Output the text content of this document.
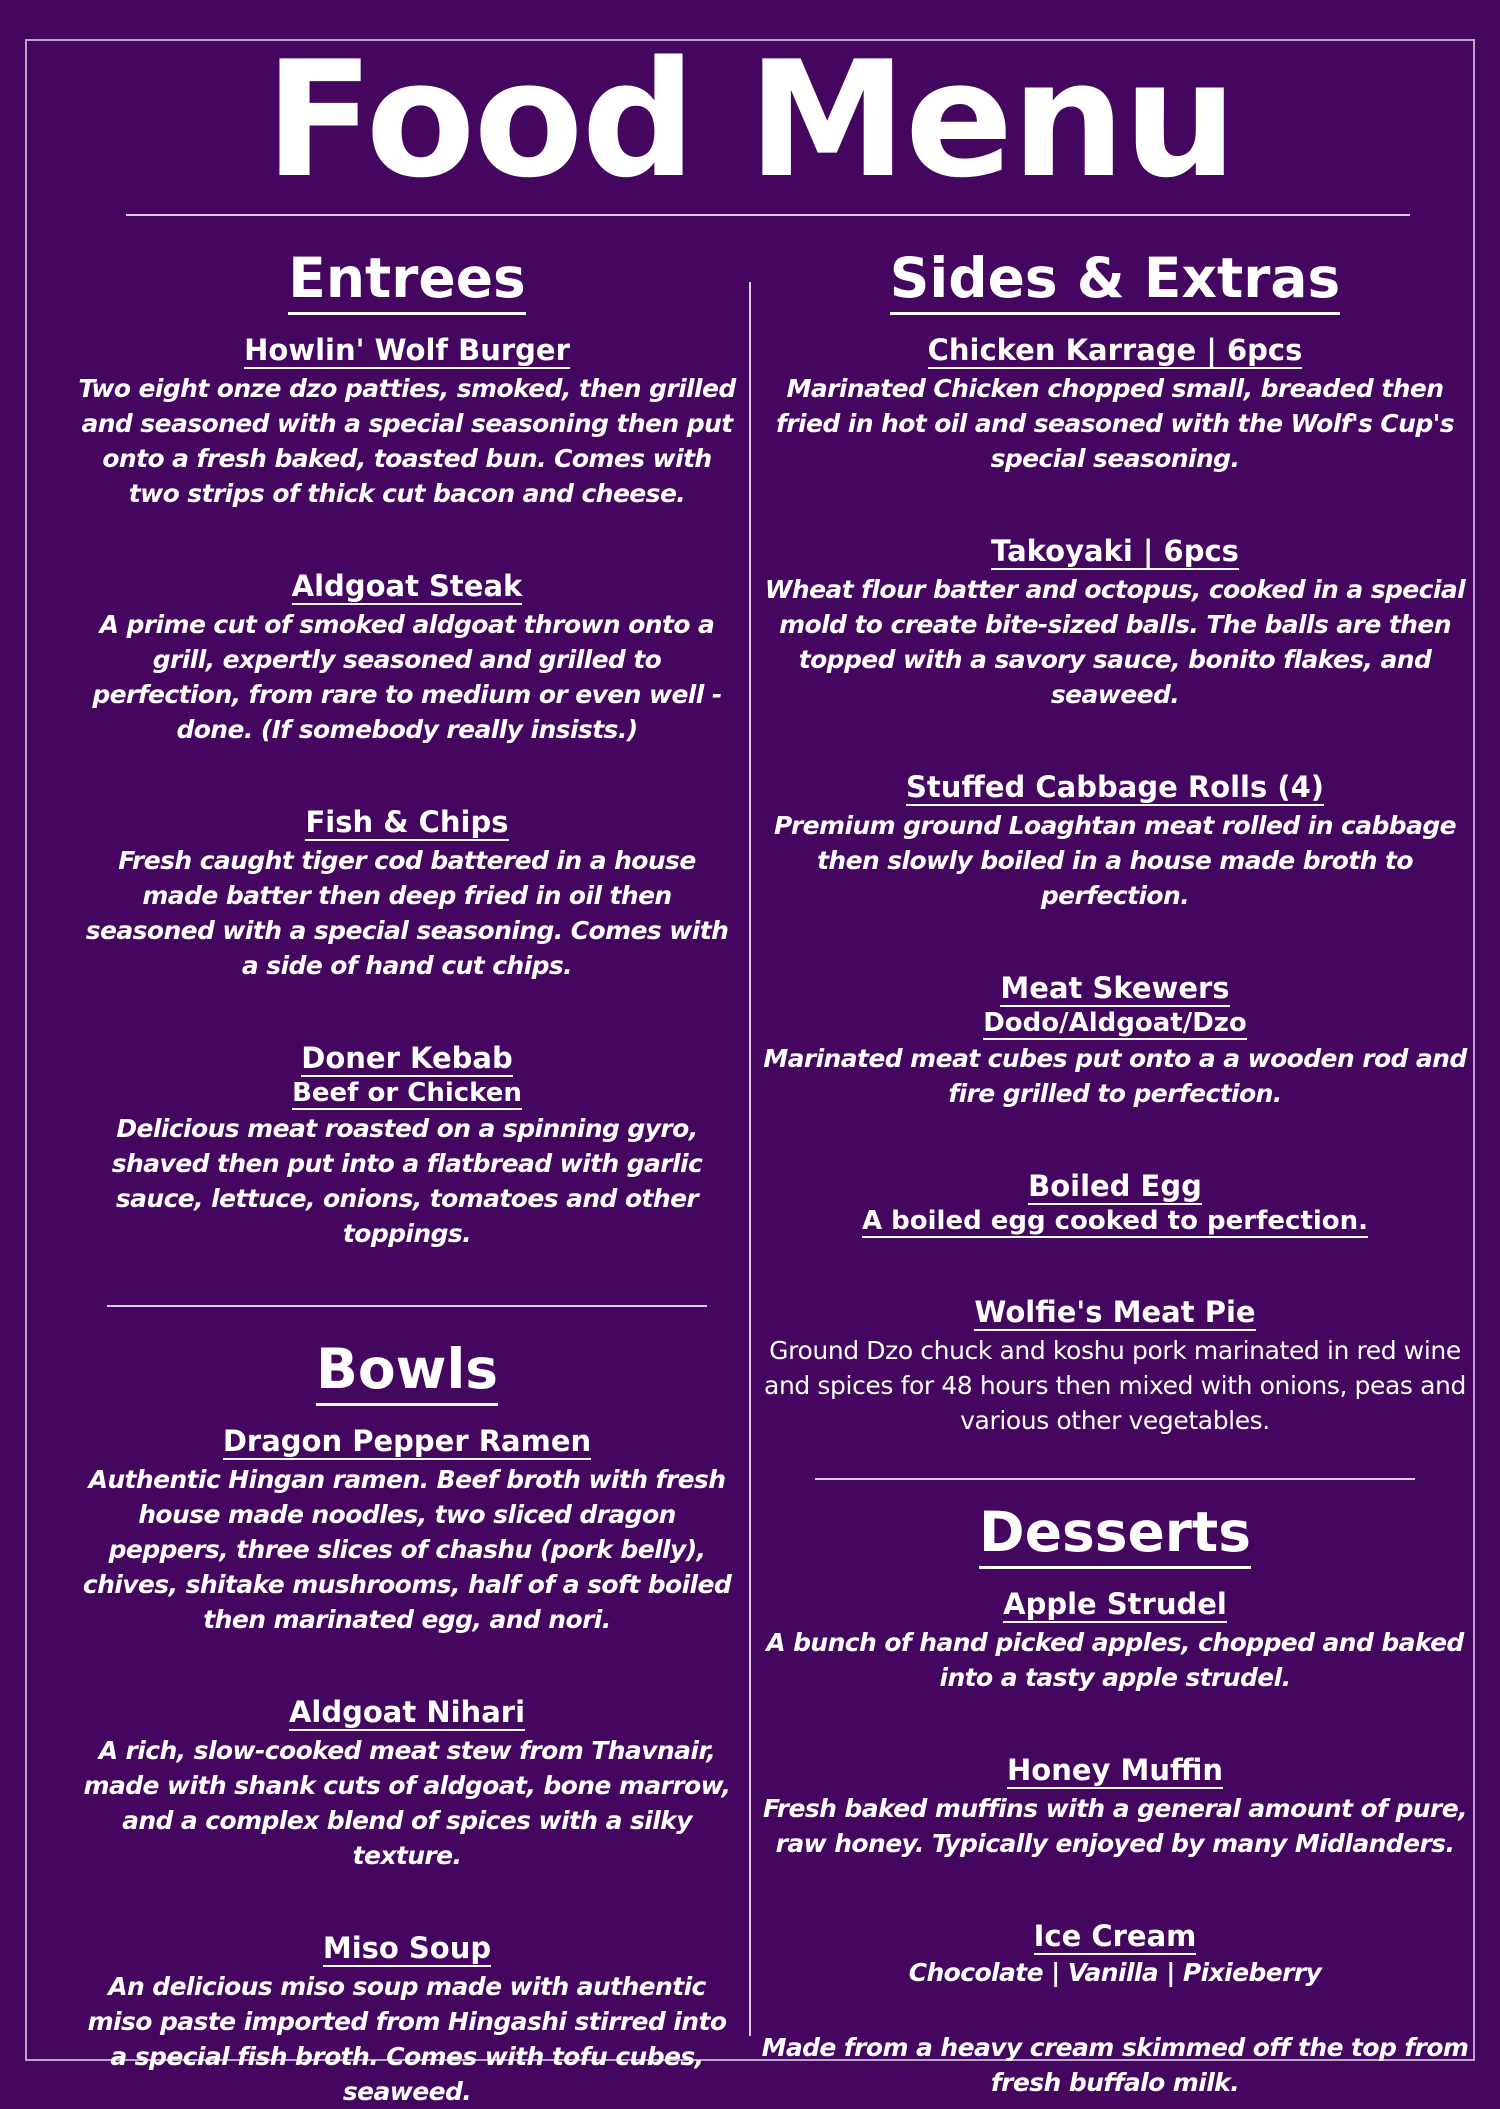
Food Menu
Entrees
Howlin' Wolf Burger

Two eight onze dzo patties, smoked, then grilled and seasoned with a special seasoning then put onto a fresh baked, toasted bun. Comes with two strips of thick cut bacon and cheese.

Aldgoat Steak

A prime cut of smoked aldgoat thrown onto a grill, expertly seasoned and grilled to perfection, from rare to medium or even well -done. (If somebody really insists.)

Fish & Chips

Fresh caught tiger cod battered in a house made batter then deep fried in oil then seasoned with a special seasoning. Comes with a side of hand cut chips.

Doner Kebab
Beef or Chicken

Delicious meat roasted on a spinning gyro, shaved then put into a flatbread with garlic sauce, lettuce, onions, tomatoes and other toppings.

Bowls
Dragon Pepper Ramen

Authentic Hingan ramen. Beef broth with fresh house made noodles, two sliced dragon peppers, three slices of chashu (pork belly), chives, shitake mushrooms, half of a soft boiled then marinated egg, and nori.

Aldgoat Nihari

A rich, slow-cooked meat stew from Thavnair, made with shank cuts of aldgoat, bone marrow, and a complex blend of spices with a silky texture.

Miso Soup

An delicious miso soup made with authentic miso paste imported from Hingashi stirred into a special fish broth. Comes with tofu cubes, seaweed.

Sides & Extras
Chicken Karrage | 6pcs

Marinated Chicken chopped small, breaded then fried in hot oil and seasoned with the Wolf's Cup's special seasoning.

Takoyaki | 6pcs

Wheat flour batter and octopus, cooked in a special mold to create bite-sized balls. The balls are then topped with a savory sauce, bonito flakes, and seaweed.

Stuffed Cabbage Rolls (4)

Premium ground Loaghtan meat rolled in cabbage then slowly boiled in a house made broth to perfection.

Meat Skewers
Dodo/Aldgoat/Dzo

Marinated meat cubes put onto a a wooden rod and fire grilled to perfection.

Boiled Egg
A boiled egg cooked to perfection.
Wolfie's Meat Pie

Ground Dzo chuck and koshu pork marinated in red wine and spices for 48 hours then mixed with onions, peas and various other vegetables.

Desserts
Apple Strudel

A bunch of hand picked apples, chopped and baked into a tasty apple strudel.

Honey Muffin

Fresh baked muffins with a general amount of pure, raw honey. Typically enjoyed by many Midlanders.

Ice Cream

Chocolate | Vanilla | Pixieberry

Made from a heavy cream skimmed off the top from fresh buffalo milk.
